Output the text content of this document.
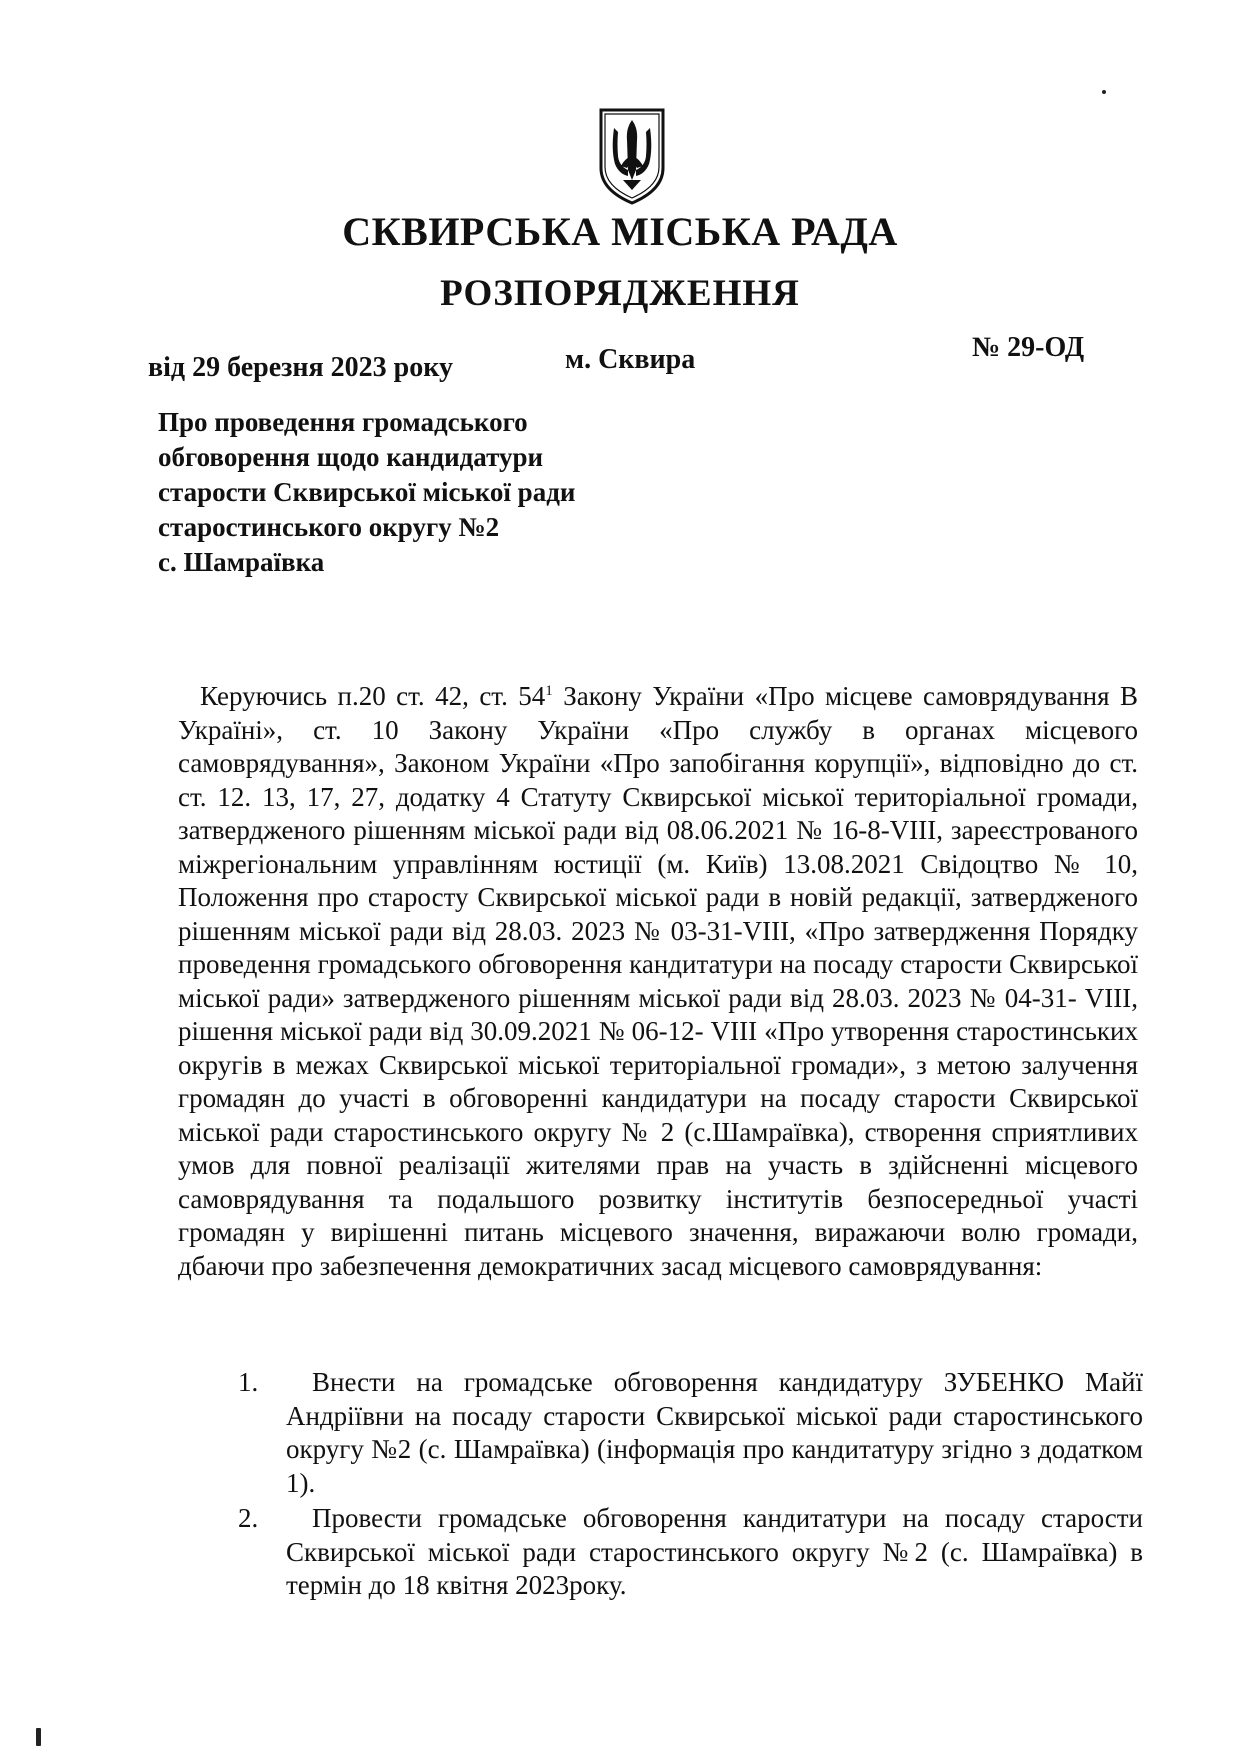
СКВИРСЬКА МІСЬКА РАДА
РОЗПОРЯДЖЕННЯ
від 29 березня 2023 року	м. Сквира	№ 29-ОД
Про проведення громадського
обговорення щодо кандидатури
старости Сквирської міської ради
старостинського округу №2
с. Шамраївка
Керуючись п.20 ст. 42, ст. $54^1$ Закону України «Про місцеве самоврядування В Україні», ст. 10 Закону України «Про службу в органах місцевого самоврядування», Законом України «Про запобігання корупції», відповідно до ст. ст. 12. 13, 17, 27, додатку 4 Статуту Сквирської міської територіальної громади, затвердженого рішенням міської ради від 08.06.2021 № 16-8-VIII, зареєстрованого міжрегіональним управлінням юстиції (м. Київ) 13.08.2021 Свідоцтво № 10, Положення про старосту Сквирської міської ради в новій редакції, затвердженого рішенням міської ради від 28.03. 2023 № 03-31-VIII, «Про затвердження Порядку проведення громадського обговорення кандитатури на посаду старости Сквирської міської ради» затвердженого рішенням міської ради від 28.03. 2023 № 04-31- VIII, рішення міської ради від 30.09.2021 № 06-12- VIII «Про утворення старостинських округів в межах Сквирської міської територіальної громади», з метою залучення громадян до участі в обговоренні кандидатури на посаду старости Сквирської міської ради старостинського округу № 2 (с.Шамраївка), створення сприятливих умов для повної реалізації жителями прав на участь в здійсненні місцевого самоврядування та подальшого розвитку інститутів безпосередньої участі громадян у вирішенні питань місцевого значення, виражаючи волю громади, дбаючи про забезпечення демократичних засад місцевого самоврядування:
1.	Внести на громадське обговорення кандидатуру ЗУБЕНКО Майї Андріївни на посаду старости Сквирської міської ради старостинського округу №2 (с. Шамраївка) (інформація про кандитатуру згідно з додатком 1).
2.	Провести громадське обговорення кандитатури на посаду старости Сквирської міської ради старостинського округу №2 (с. Шамраївка) в термін до 18 квітня 2023року.
